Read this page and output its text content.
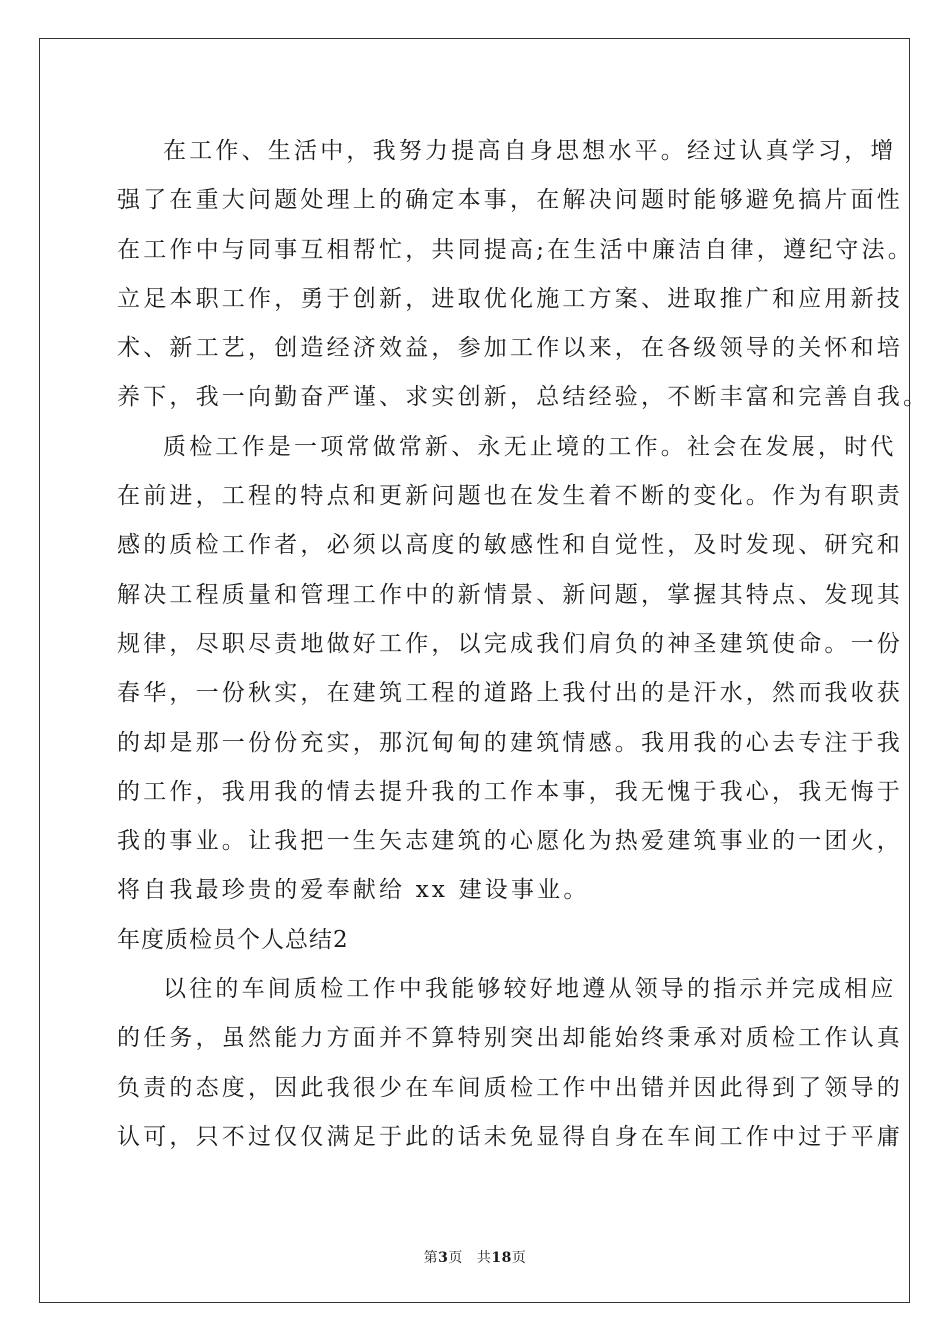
在工作、生活中，我努力提高自身思想水平。经过认真学习，增
强了在重大问题处理上的确定本事，在解决问题时能够避免搞片面性
在工作中与同事互相帮忙，共同提高;在生活中廉洁自律，遵纪守法。
立足本职工作，勇于创新，进取优化施工方案、进取推广和应用新技
术、新工艺，创造经济效益，参加工作以来，在各级领导的关怀和培
养下，我一向勤奋严谨、求实创新，总结经验，不断丰富和完善自我。
质检工作是一项常做常新、永无止境的工作。社会在发展，时代
在前进，工程的特点和更新问题也在发生着不断的变化。作为有职责
感的质检工作者，必须以高度的敏感性和自觉性，及时发现、研究和
解决工程质量和管理工作中的新情景、新问题，掌握其特点、发现其
规律，尽职尽责地做好工作，以完成我们肩负的神圣建筑使命。一份
春华，一份秋实，在建筑工程的道路上我付出的是汗水，然而我收获
的却是那一份份充实，那沉甸甸的建筑情感。我用我的心去专注于我
的工作，我用我的情去提升我的工作本事，我无愧于我心，我无悔于
我的事业。让我把一生矢志建筑的心愿化为热爱建筑事业的一团火，
将自我最珍贵的爱奉献给 xx 建设事业。
年度质检员个人总结2
以往的车间质检工作中我能够较好地遵从领导的指示并完成相应
的任务，虽然能力方面并不算特别突出却能始终秉承对质检工作认真
负责的态度，因此我很少在车间质检工作中出错并因此得到了领导的
认可，只不过仅仅满足于此的话未免显得自身在车间工作中过于平庸
第3页 共18页
